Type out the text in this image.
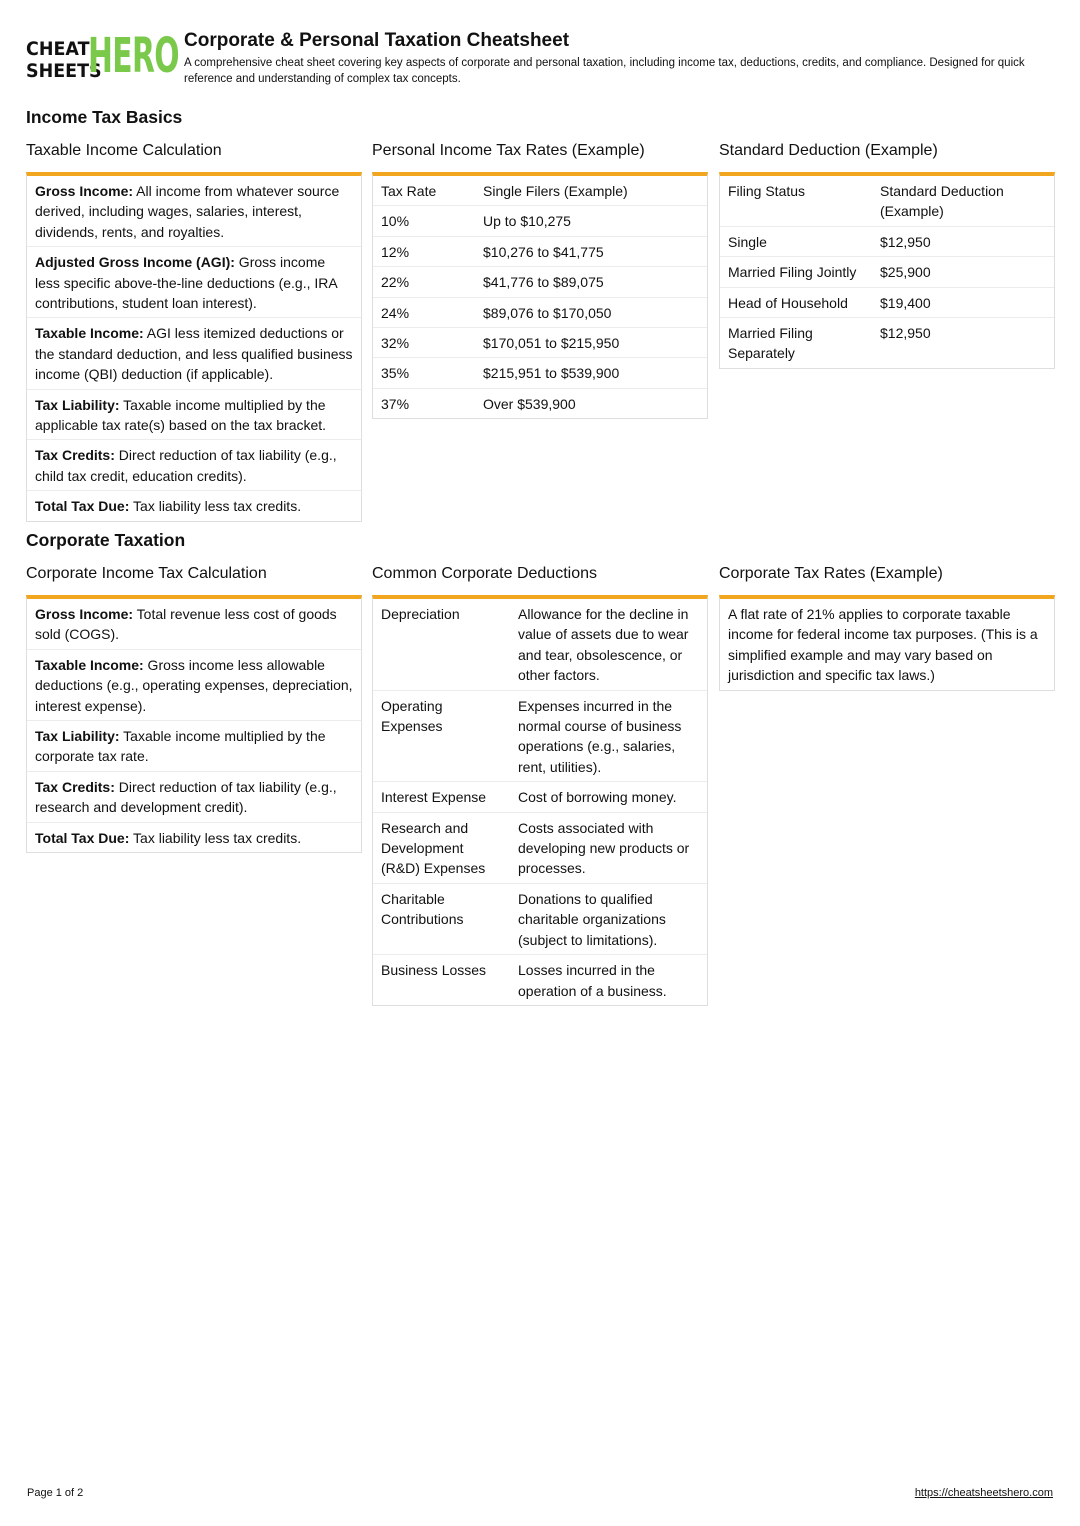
CHEAT
SHEETS
HERO Corporate & Personal Taxation Cheatsheet
A comprehensive cheat sheet covering key aspects of corporate and personal taxation, including income tax, deductions, credits, and compliance. Designed for quick reference and understanding of complex tax concepts.
Income Tax Basics
Taxable Income Calculation
Gross Income: All income from whatever source derived, including wages, salaries, interest, dividends, rents, and royalties.
Adjusted Gross Income (AGI): Gross income less specific above-the-line deductions (e.g., IRA contributions, student loan interest).
Taxable Income: AGI less itemized deductions or the standard deduction, and less qualified business income (QBI) deduction (if applicable).
Tax Liability: Taxable income multiplied by the applicable tax rate(s) based on the tax bracket.
Tax Credits: Direct reduction of tax liability (e.g., child tax credit, education credits).
Total Tax Due: Tax liability less tax credits.
Personal Income Tax Rates (Example)
Tax Rate	Single Filers (Example)
10%	Up to $10,275
12%	$10,276 to $41,775
22%	$41,776 to $89,075
24%	$89,076 to $170,050
32%	$170,051 to $215,950
35%	$215,951 to $539,900
37%	Over $539,900
Standard Deduction (Example)
Filing Status	Standard Deduction (Example)
Single	$12,950
Married Filing Jointly	$25,900
Head of Household	$19,400
Married Filing Separately	$12,950
Corporate Taxation
Corporate Income Tax Calculation
Gross Income: Total revenue less cost of goods sold (COGS).
Taxable Income: Gross income less allowable deductions (e.g., operating expenses, depreciation, interest expense).
Tax Liability: Taxable income multiplied by the corporate tax rate.
Tax Credits: Direct reduction of tax liability (e.g., research and development credit).
Total Tax Due: Tax liability less tax credits.
Common Corporate Deductions
Depreciation	Allowance for the decline in value of assets due to wear and tear, obsolescence, or other factors.
Operating Expenses	Expenses incurred in the normal course of business operations (e.g., salaries, rent, utilities).
Interest Expense	Cost of borrowing money.
Research and Development (R&D) Expenses	Costs associated with developing new products or processes.
Charitable Contributions	Donations to qualified charitable organizations (subject to limitations).
Business Losses	Losses incurred in the operation of a business.
Corporate Tax Rates (Example)
A flat rate of 21% applies to corporate taxable income for federal income tax purposes. (This is a simplified example and may vary based on jurisdiction and specific tax laws.)
Page 1 of 2	https://cheatsheetshero.com
